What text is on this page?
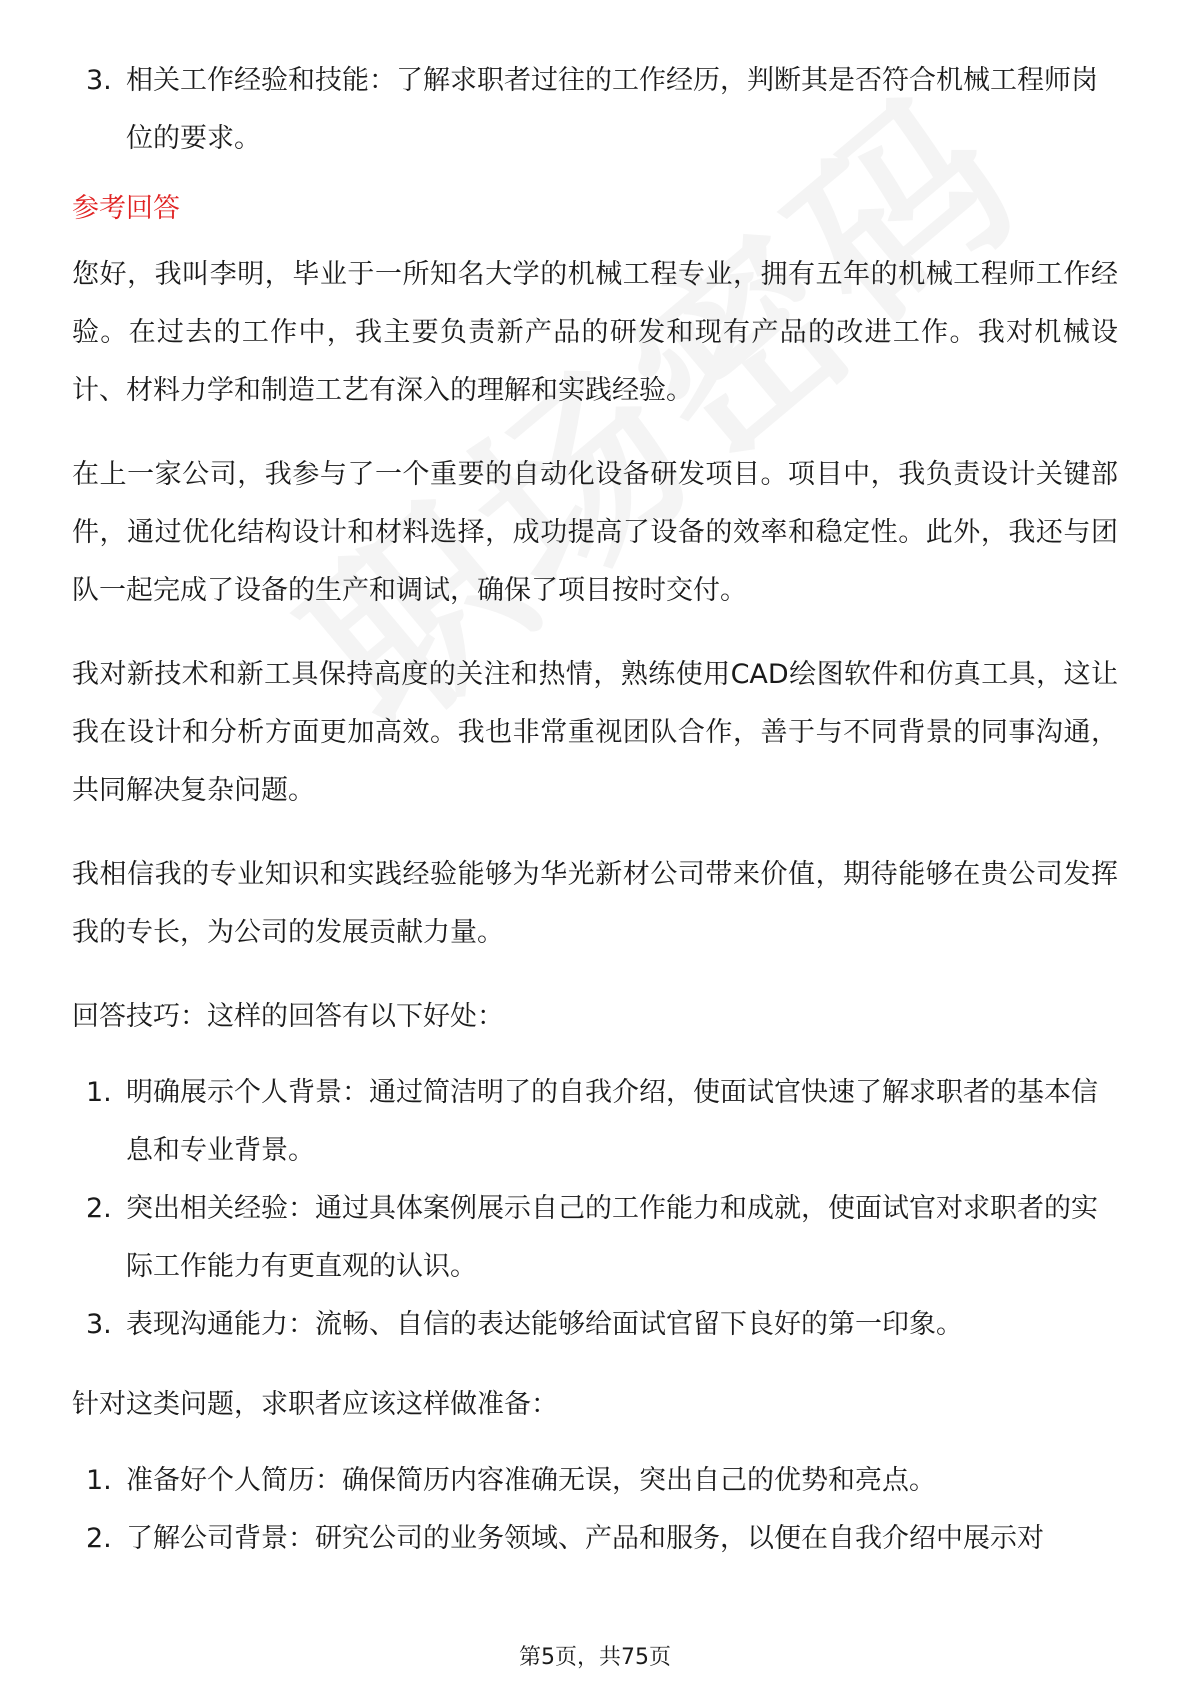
3. 相关工作经验和技能：了解求职者过往的工作经历，判断其是否符合机械工程师岗位的要求。
参考回答

您好，我叫李明，毕业于一所知名大学的机械工程专业，拥有五年的机械工程师工作经验。在过去的工作中，我主要负责新产品的研发和现有产品的改进工作。我对机械设计、材料力学和制造工艺有深入的理解和实践经验。

在上一家公司，我参与了一个重要的自动化设备研发项目。项目中，我负责设计关键部件，通过优化结构设计和材料选择，成功提高了设备的效率和稳定性。此外，我还与团队一起完成了设备的生产和调试，确保了项目按时交付。

我对新技术和新工具保持高度的关注和热情，熟练使用CAD绘图软件和仿真工具，这让我在设计和分析方面更加高效。我也非常重视团队合作，善于与不同背景的同事沟通，共同解决复杂问题。

我相信我的专业知识和实践经验能够为华光新材公司带来价值，期待能够在贵公司发挥我的专长，为公司的发展贡献力量。

回答技巧：这样的回答有以下好处：

1. 明确展示个人背景：通过简洁明了的自我介绍，使面试官快速了解求职者的基本信息和专业背景。
2. 突出相关经验：通过具体案例展示自己的工作能力和成就，使面试官对求职者的实际工作能力有更直观的认识。
3. 表现沟通能力：流畅、自信的表达能够给面试官留下良好的第一印象。

针对这类问题，求职者应该这样做准备：

1. 准备好个人简历：确保简历内容准确无误，突出自己的优势和亮点。
2. 了解公司背景：研究公司的业务领域、产品和服务，以便在自我介绍中展示对
第5页，共75页
